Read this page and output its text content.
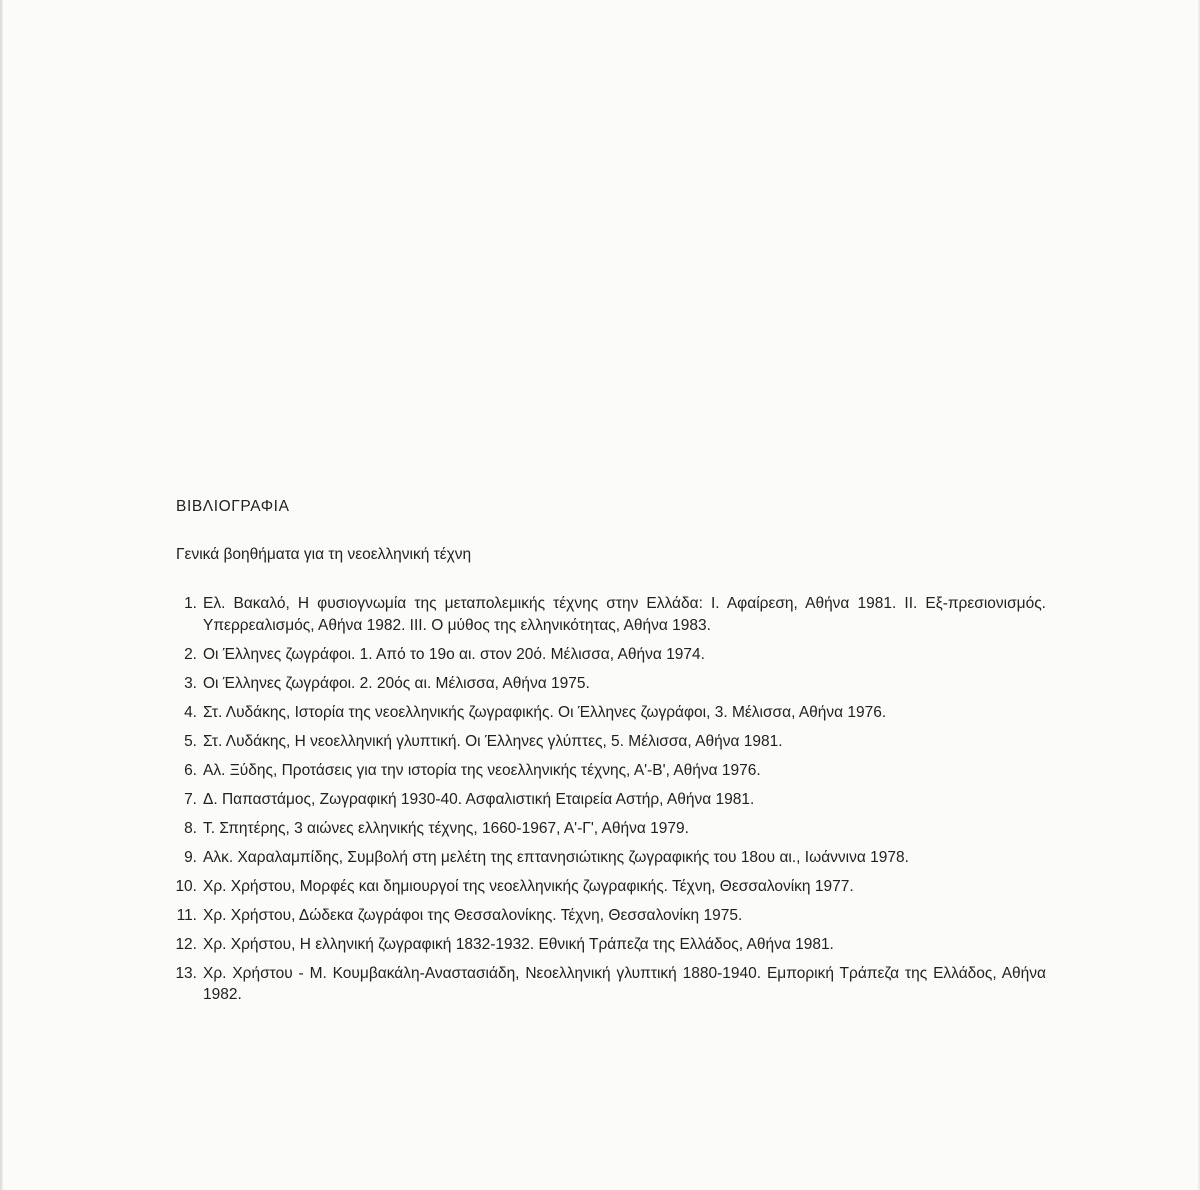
ΒΙΒΛΙΟΓΡΑΦΙΑ
Γενικά βοηθήματα για τη νεοελληνική τέχνη
1. Ελ. Βακαλό, Η φυσιογνωμία της μεταπολεμικής τέχνης στην Ελλάδα: Ι. Αφαίρεση, Αθήνα 1981. II. Εξ-πρεσιονισμός. Υπερρεαλισμός, Αθήνα 1982. III. Ο μύθος της ελληνικότητας, Αθήνα 1983.
2. Οι Έλληνες ζωγράφοι. 1. Από το 19ο αι. στον 20ό. Μέλισσα, Αθήνα 1974.
3. Οι Έλληνες ζωγράφοι. 2. 20ός αι. Μέλισσα, Αθήνα 1975.
4. Στ. Λυδάκης, Ιστορία της νεοελληνικής ζωγραφικής. Οι Έλληνες ζωγράφοι, 3. Μέλισσα, Αθήνα 1976.
5. Στ. Λυδάκης, Η νεοελληνική γλυπτική. Οι Έλληνες γλύπτες, 5. Μέλισσα, Αθήνα 1981.
6. Αλ. Ξύδης, Προτάσεις για την ιστορία της νεοελληνικής τέχνης, Α'-Β', Αθήνα 1976.
7. Δ. Παπαστάμος, Ζωγραφική 1930-40. Ασφαλιστική Εταιρεία Αστήρ, Αθήνα 1981.
8. Τ. Σπητέρης, 3 αιώνες ελληνικής τέχνης, 1660-1967, Α'-Γ', Αθήνα 1979.
9. Αλκ. Χαραλαμπίδης, Συμβολή στη μελέτη της επτανησιώτικης ζωγραφικής του 18ου αι., Ιωάννινα 1978.
10. Χρ. Χρήστου, Μορφές και δημιουργοί της νεοελληνικής ζωγραφικής. Τέχνη, Θεσσαλονίκη 1977.
11. Χρ. Χρήστου, Δώδεκα ζωγράφοι της Θεσσαλονίκης. Τέχνη, Θεσσαλονίκη 1975.
12. Χρ. Χρήστου, Η ελληνική ζωγραφική 1832-1932. Εθνική Τράπεζα της Ελλάδος, Αθήνα 1981.
13. Χρ. Χρήστου - Μ. Κουμβακάλη-Αναστασιάδη, Νεοελληνική γλυπτική 1880-1940. Εμπορική Τράπεζα της Ελλάδος, Αθήνα 1982.
